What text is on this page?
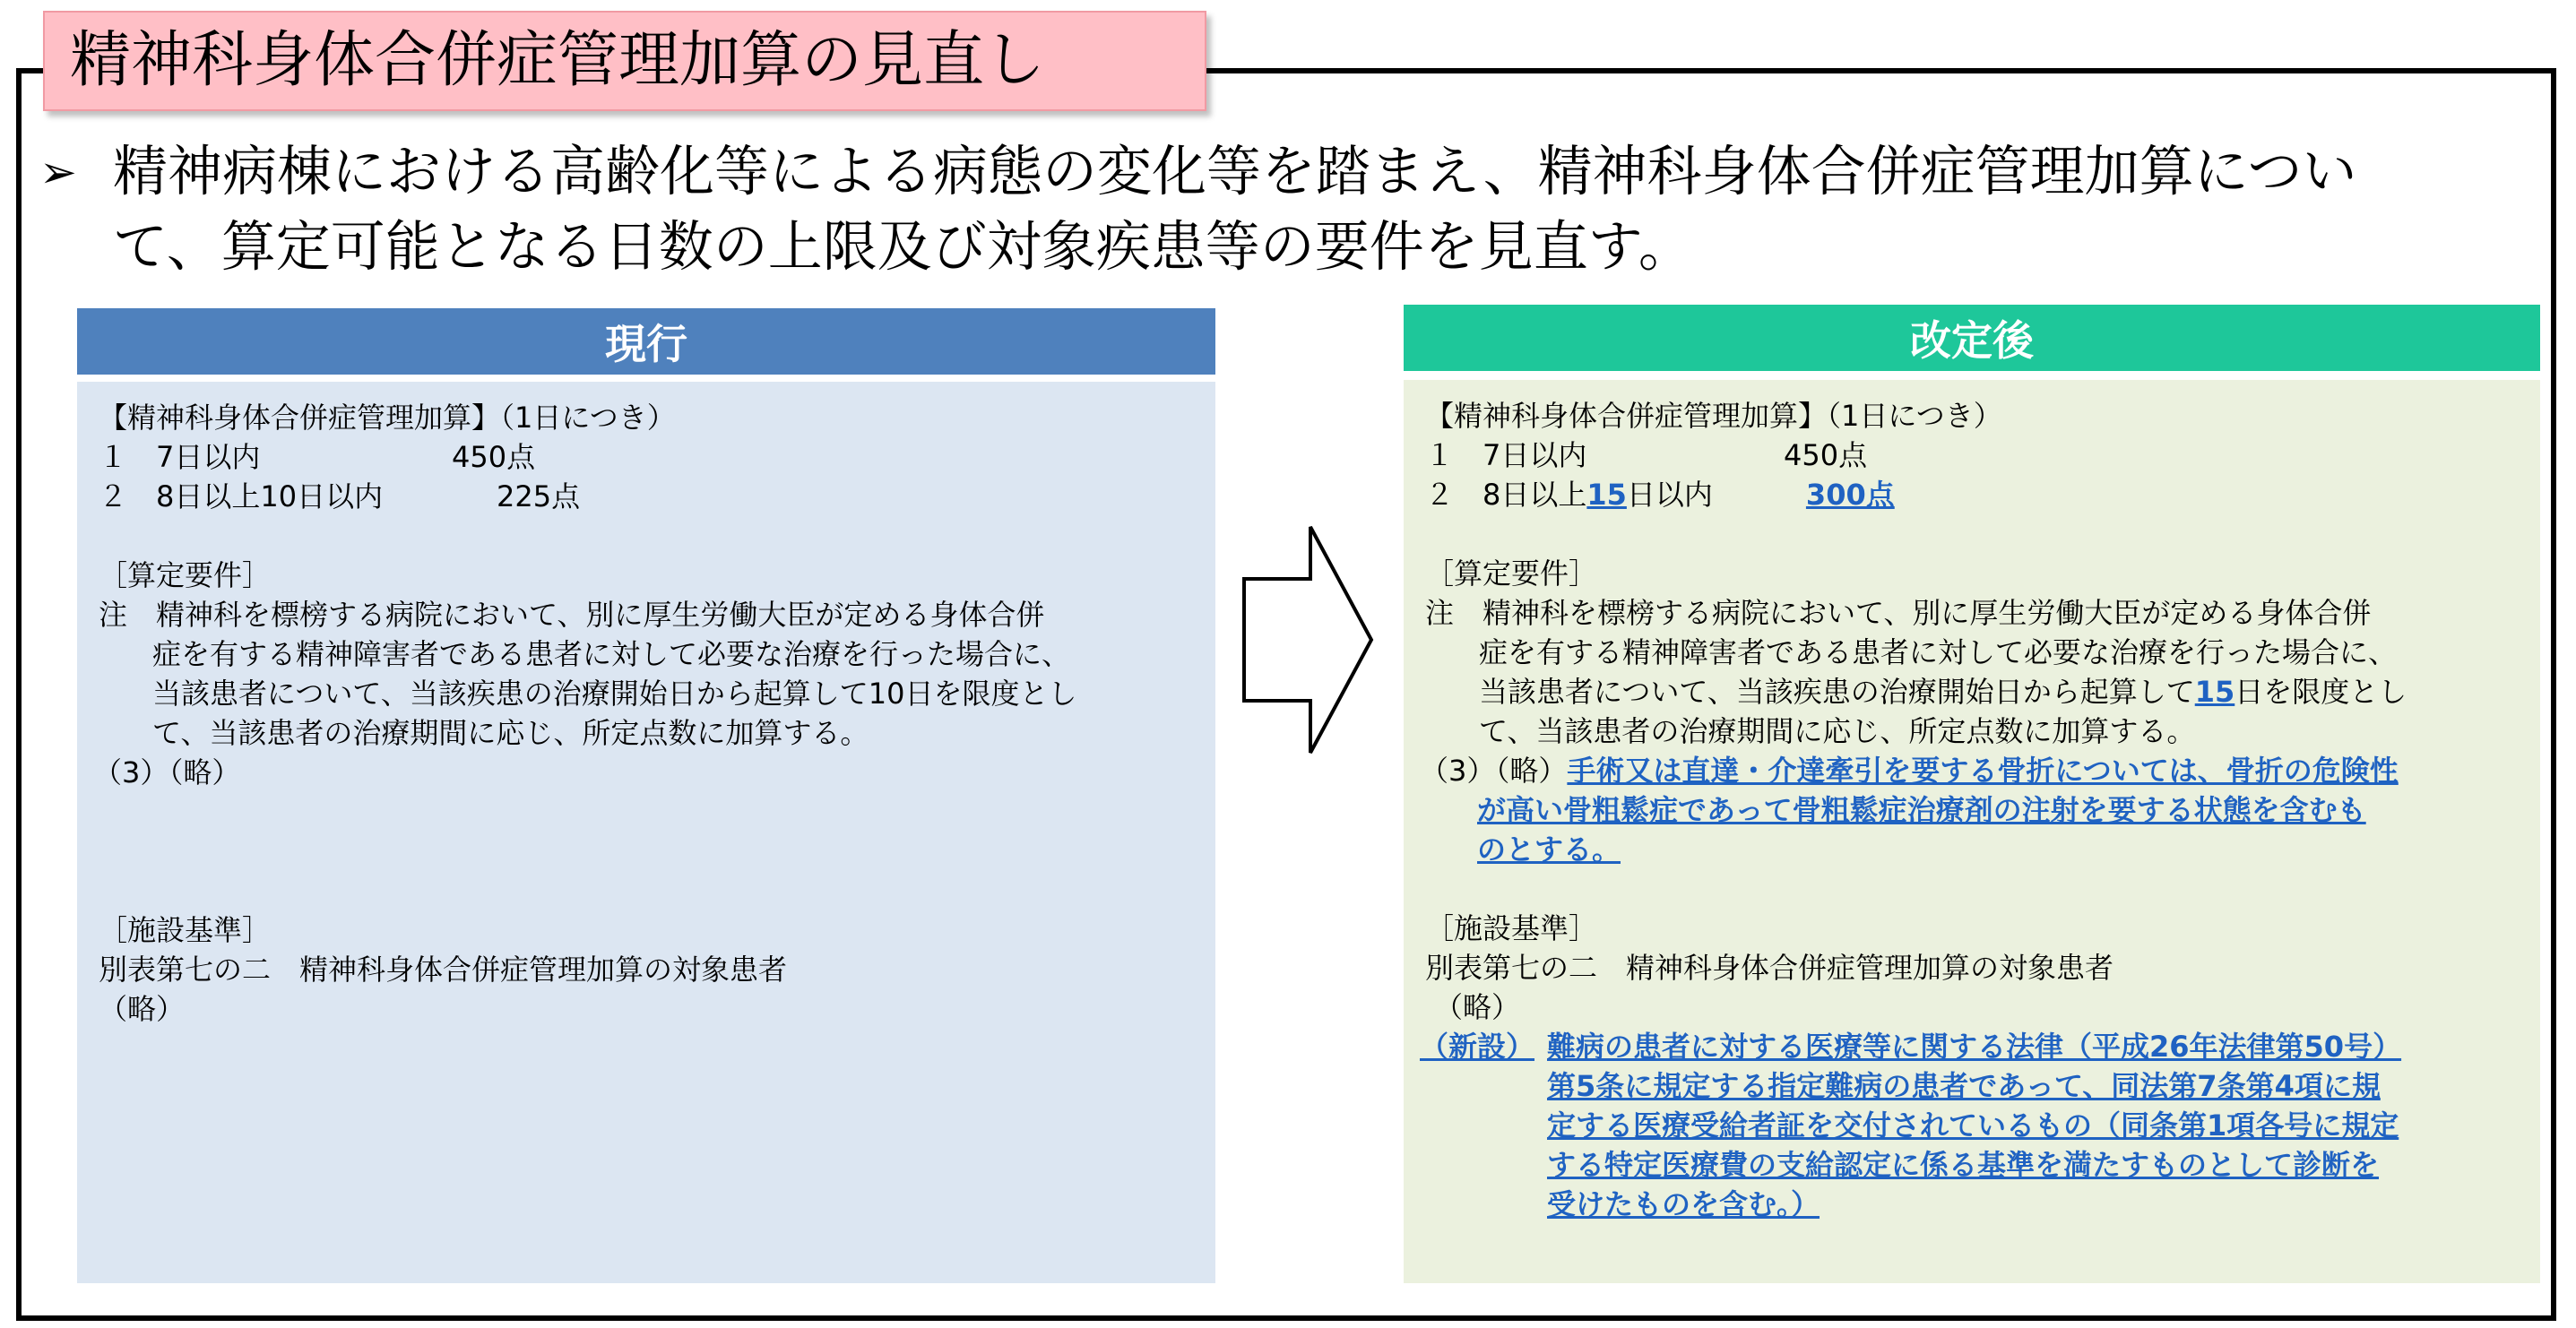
精神科身体合併症管理加算の見直し
➢ 精神病棟における高齢化等による病態の変化等を踏まえ、精神科身体合併症管理加算につい
て、算定可能となる日数の上限及び対象疾患等の要件を見直す。
現行
【精神科身体合併症管理加算】（1日につき）
１　7日以内	450点
２　8日以上10日以内	225点
［算定要件］
注　精神科を標榜する病院において、別に厚生労働大臣が定める身体合併
症を有する精神障害者である患者に対して必要な治療を行った場合に、
当該患者について、当該疾患の治療開始日から起算して10日を限度とし
て、当該患者の治療期間に応じ、所定点数に加算する。
（3）（略）
［施設基準］
別表第七の二　精神科身体合併症管理加算の対象患者
（略）
改定後
【精神科身体合併症管理加算】（1日につき）
１　7日以内	450点
２　8日以上15日以内	300点
［算定要件］
注　精神科を標榜する病院において、別に厚生労働大臣が定める身体合併
症を有する精神障害者である患者に対して必要な治療を行った場合に、
当該患者について、当該疾患の治療開始日から起算して15日を限度とし
て、当該患者の治療期間に応じ、所定点数に加算する。
（3）（略）手術又は直達・介達牽引を要する骨折については、骨折の危険性
が高い骨粗鬆症であって骨粗鬆症治療剤の注射を要する状態を含むも
のとする。
［施設基準］
別表第七の二　精神科身体合併症管理加算の対象患者
（略）
（新設） 難病の患者に対する医療等に関する法律（平成26年法律第50号）
第5条に規定する指定難病の患者であって、同法第7条第4項に規
定する医療受給者証を交付されているもの（同条第1項各号に規定
する特定医療費の支給認定に係る基準を満たすものとして診断を
受けたものを含む。）
